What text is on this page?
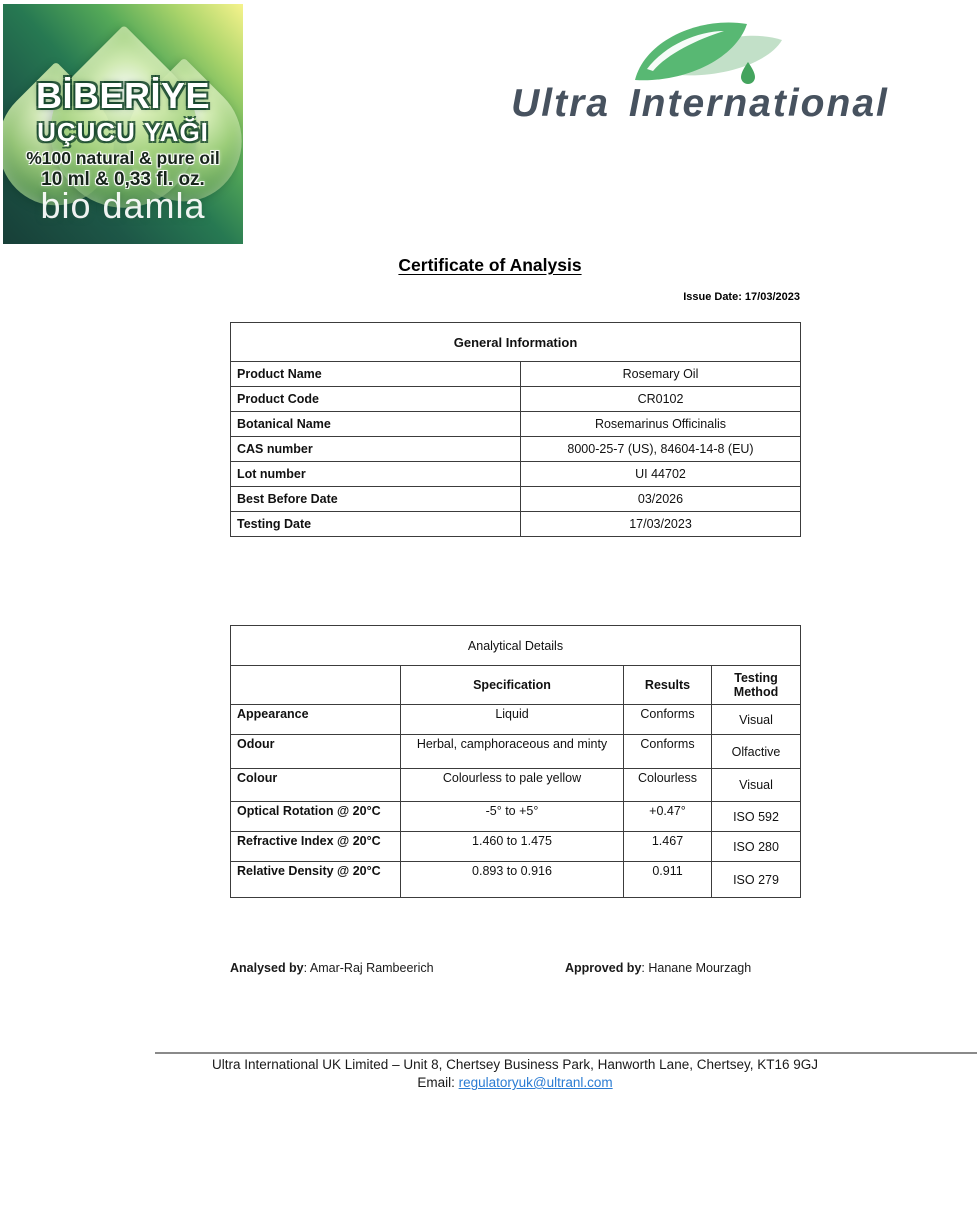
BİBERİYE
UÇUCU YAĞI
%100 natural & pure oil
10 ml & 0,33 fl. oz.
bio damla
Ultra International
Certificate of Analysis
Issue Date: 17/03/2023
General Information	
Product Name	Rosemary Oil
Product Code	CR0102
Botanical Name	Rosemarinus Officinalis
CAS number	8000-25-7 (US), 84604-14-8 (EU)
Lot number	UI 44702
Best Before Date	03/2026
Testing Date	17/03/2023
Analytical Details			
	Specification	Results	Testing Method
Appearance	Liquid	Conforms	Visual
Odour	Herbal, camphoraceous and minty	Conforms	Olfactive
Colour	Colourless to pale yellow	Colourless	Visual
Optical Rotation @ 20°C	-5° to +5°	+0.47°	ISO 592
Refractive Index @ 20°C	1.460 to 1.475	1.467	ISO 280
Relative Density @ 20°C	0.893 to 0.916	0.911	ISO 279
Analysed by: Amar-Raj Rambeerich	Approved by: Hanane Mourzagh
Ultra International UK Limited – Unit 8, Chertsey Business Park, Hanworth Lane, Chertsey, KT16 9GJ
Email: regulatoryuk@ultranl.com
